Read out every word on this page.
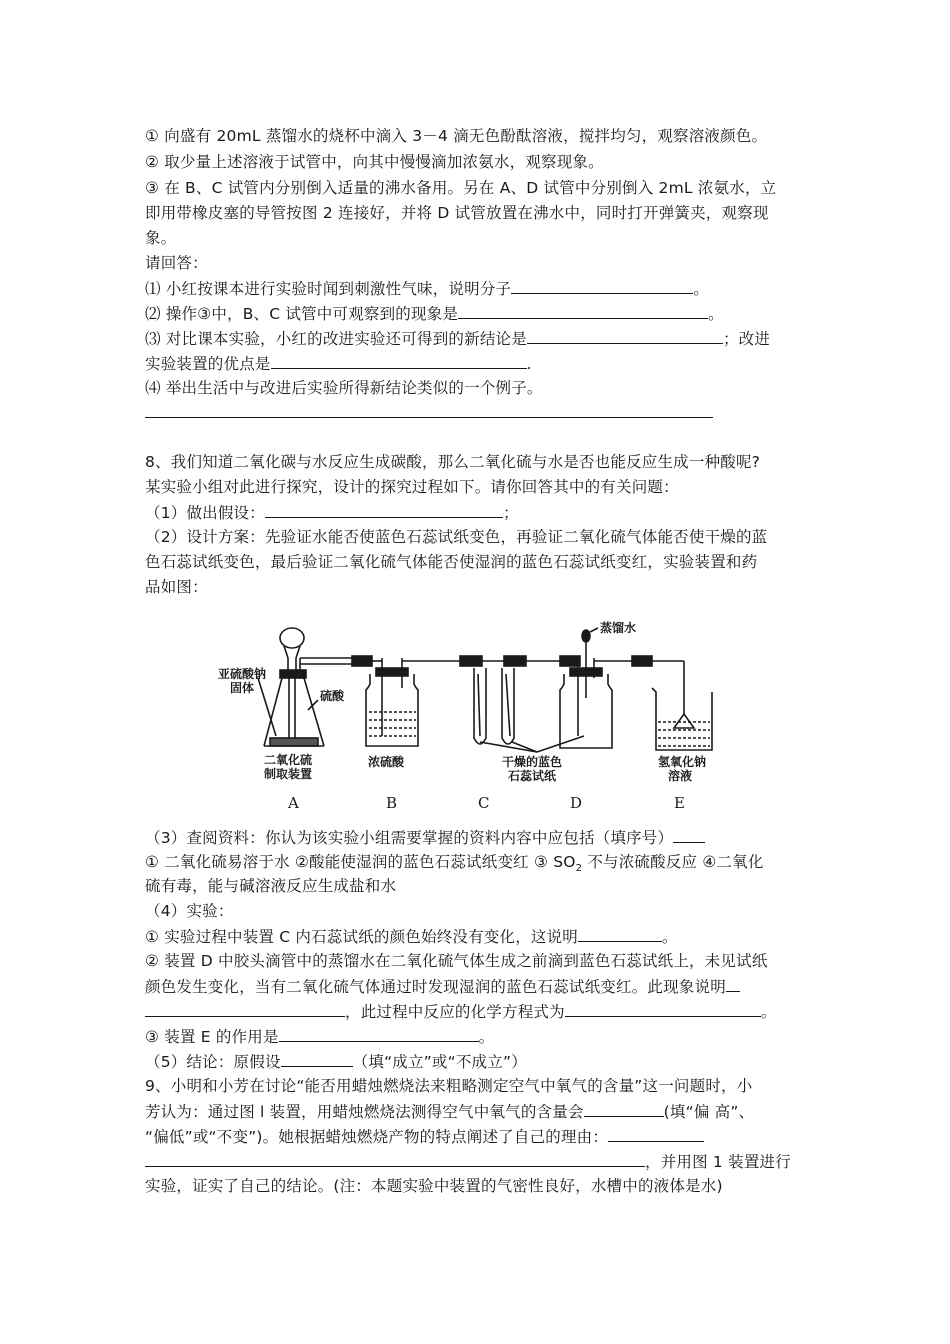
① 向盛有 20mL 蒸馏水的烧杯中滴入 3－4 滴无色酚酞溶液，搅拌均匀，观察溶液颜色。
② 取少量上述溶液于试管中，向其中慢慢滴加浓氨水，观察现象。
③ 在 B、C 试管内分别倒入适量的沸水备用。另在 A、D 试管中分别倒入 2mL 浓氨水，立
即用带橡皮塞的导管按图 2 连接好，并将 D 试管放置在沸水中，同时打开弹簧夹，观察现
象。
请回答：
⑴ 小红按课本进行实验时闻到刺激性气味，说明分子	。
⑵ 操作③中，B、C 试管中可观察到的现象是	。
⑶ 对比课本实验，小红的改进实验还可得到的新结论是	；改进
实验装置的优点是	.
⑷ 举出生活中与改进后实验所得新结论类似的一个例子。
8、我们知道二氧化碳与水反应生成碳酸，那么二氧化硫与水是否也能反应生成一种酸呢?
某实验小组对此进行探究，设计的探究过程如下。请你回答其中的有关问题：
（1）做出假设：	；
（2）设计方案：先验证水能否使蓝色石蕊试纸变色，再验证二氧化硫气体能否使干燥的蓝
色石蕊试纸变色，最后验证二氧化硫气体能否使湿润的蓝色石蕊试纸变红，实验装置和药
品如图：
亚硫酸钠
固体
硫酸
二氧化硫
制取装置
浓硫酸	干燥的蓝色
石蕊试纸
蒸馏水
氢氧化钠
溶液
A	B	C	D	E
（3）查阅资料：你认为该实验小组需要掌握的资料内容中应包括（填序号）
① 二氧化硫易溶于水 ②酸能使湿润的蓝色石蕊试纸变红 ③ $SO_2$ 不与浓硫酸反应 ④二氧化
硫有毒，能与碱溶液反应生成盐和水
（4）实验：
① 实验过程中装置 C 内石蕊试纸的颜色始终没有变化，这说明	。
② 装置 D 中胶头滴管中的蒸馏水在二氧化硫气体生成之前滴到蓝色石蕊试纸上，未见试纸
颜色发生变化，当有二氧化硫气体通过时发现湿润的蓝色石蕊试纸变红。此现象说明
，此过程中反应的化学方程式为	。
③ 装置 E 的作用是	。
（5）结论：原假设	（填“成立”或“不成立”）
9、小明和小芳在讨论“能否用蜡烛燃烧法来粗略测定空气中氧气的含量”这一问题时，小
芳认为：通过图 l 装置，用蜡烛燃烧法测得空气中氧气的含量会	(填“偏 高”、
“偏低”或“不变”)。她根据蜡烛燃烧产物的特点阐述了自己的理由：
，并用图 1 装置进行
实验，证实了自己的结论。(注：本题实验中装置的气密性良好，水槽中的液体是水)
